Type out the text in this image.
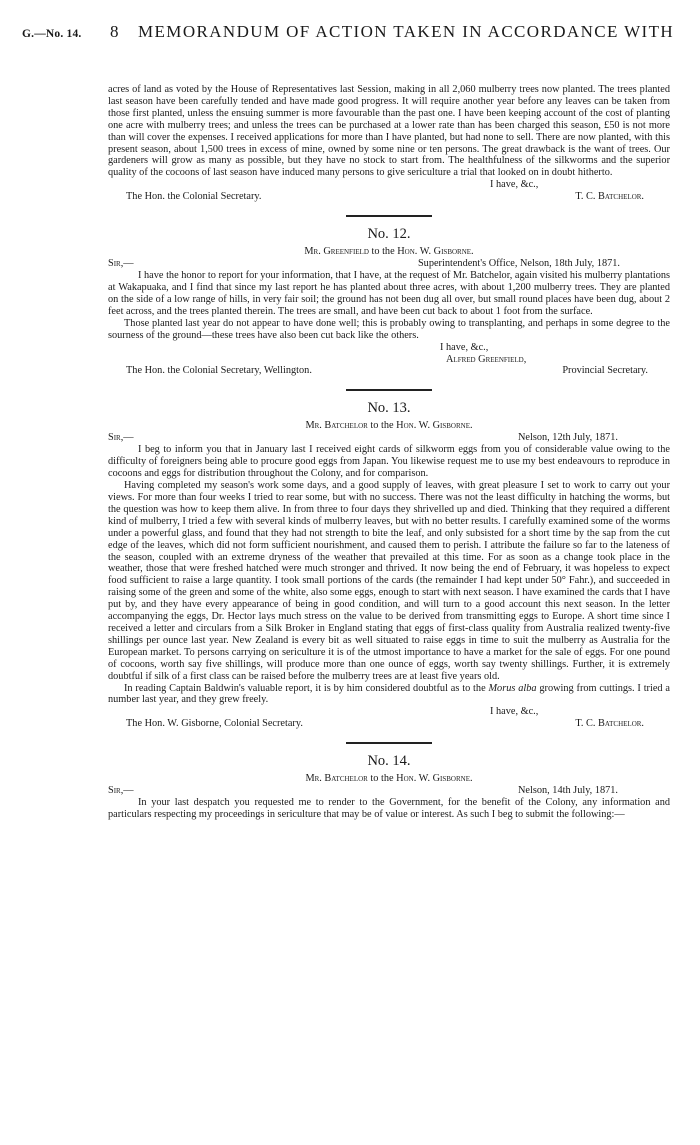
G.—No. 14. 8 MEMORANDUM OF ACTION TAKEN IN ACCORDANCE WITH

acres of land as voted by the House of Representatives last Session, making in all 2,060 mulberry trees now planted. The trees planted last season have been carefully tended and have made good progress. It will require another year before any leaves can be taken from those first planted, unless the ensuing summer is more favourable than the past one. I have been keeping account of the cost of planting one acre with mulberry trees; and unless the trees can be purchased at a lower rate than has been charged this season, £50 is not more than will cover the expenses. I received applications for more than I have planted, but had none to sell. There are now planted, with this present season, about 1,500 trees in excess of mine, owned by some nine or ten persons. The great drawback is the want of trees. Our gardeners will grow as many as possible, but they have no stock to start from. The healthfulness of the silkworms and the superior quality of the cocoons of last season have induced many persons to give sericulture a trial that looked on in doubt hitherto.

I have, &c.,

The Hon. the Colonial Secretary.	T. C. Batchelor.
No. 12.
Mr. Greenfield to the Hon. W. Gisborne.
Sir,—	Superintendent's Office, Nelson, 18th July, 1871.

I have the honor to report for your information, that I have, at the request of Mr. Batchelor, again visited his mulberry plantations at Wakapuaka, and I find that since my last report he has planted about three acres, with about 1,200 mulberry trees. They are planted on the side of a low range of hills, in very fair soil; the ground has not been dug all over, but small round places have been dug, about 2 feet across, and the trees planted therein. The trees are small, and have been cut back to about 1 foot from the surface.

Those planted last year do not appear to have done well; this is probably owing to transplanting, and perhaps in some degree to the sourness of the ground—these trees have also been cut back like the others.

I have, &c.,

Alfred Greenfield,

The Hon. the Colonial Secretary, Wellington.	Provincial Secretary.
No. 13.
Mr. Batchelor to the Hon. W. Gisborne.
Sir,—	Nelson, 12th July, 1871.

I beg to inform you that in January last I received eight cards of silkworm eggs from you of considerable value owing to the difficulty of foreigners being able to procure good eggs from Japan. You likewise request me to use my best endeavours to reproduce in cocoons and eggs for distribution throughout the Colony, and for comparison.

Having completed my season's work some days, and a good supply of leaves, with great pleasure I set to work to carry out your views. For more than four weeks I tried to rear some, but with no success. There was not the least difficulty in hatching the worms, but the question was how to keep them alive. In from three to four days they shrivelled up and died. Thinking that they required a different kind of mulberry, I tried a few with several kinds of mulberry leaves, but with no better results. I carefully examined some of the worms under a powerful glass, and found that they had not strength to bite the leaf, and only subsisted for a short time by the sap from the cut edge of the leaves, which did not form sufficient nourishment, and caused them to perish. I attribute the failure so far to the lateness of the season, coupled with an extreme dryness of the weather that prevailed at this time. For as soon as a change took place in the weather, those that were freshed hatched were much stronger and thrived. It now being the end of February, it was hopeless to expect food sufficient to raise a large quantity. I took small portions of the cards (the remainder I had kept under 50° Fahr.), and succeeded in raising some of the green and some of the white, also some eggs, enough to start with next season. I have examined the cards that I have put by, and they have every appearance of being in good condition, and will turn to a good account this next season. In the letter accompanying the eggs, Dr. Hector lays much stress on the value to be derived from transmitting eggs to Europe. A short time since I received a letter and circulars from a Silk Broker in England stating that eggs of first-class quality from Australia realized twenty-five shillings per ounce last year. New Zealand is every bit as well situated to raise eggs in time to suit the mulberry as Australia for the European market. To persons carrying on sericulture it is of the utmost importance to have a market for the sale of eggs. For one pound of cocoons, worth say five shillings, will produce more than one ounce of eggs, worth say twenty shillings. Further, it is extremely doubtful if silk of a first class can be raised before the mulberry trees are at least five years old.

In reading Captain Baldwin's valuable report, it is by him considered doubtful as to the Morus alba growing from cuttings. I tried a number last year, and they grew freely.

I have, &c.,

The Hon. W. Gisborne, Colonial Secretary.	T. C. Batchelor.
No. 14.
Mr. Batchelor to the Hon. W. Gisborne.
Sir,—	Nelson, 14th July, 1871.

In your last despatch you requested me to render to the Government, for the benefit of the Colony, any information and particulars respecting my proceedings in sericulture that may be of value or interest. As such I beg to submit the following:—
